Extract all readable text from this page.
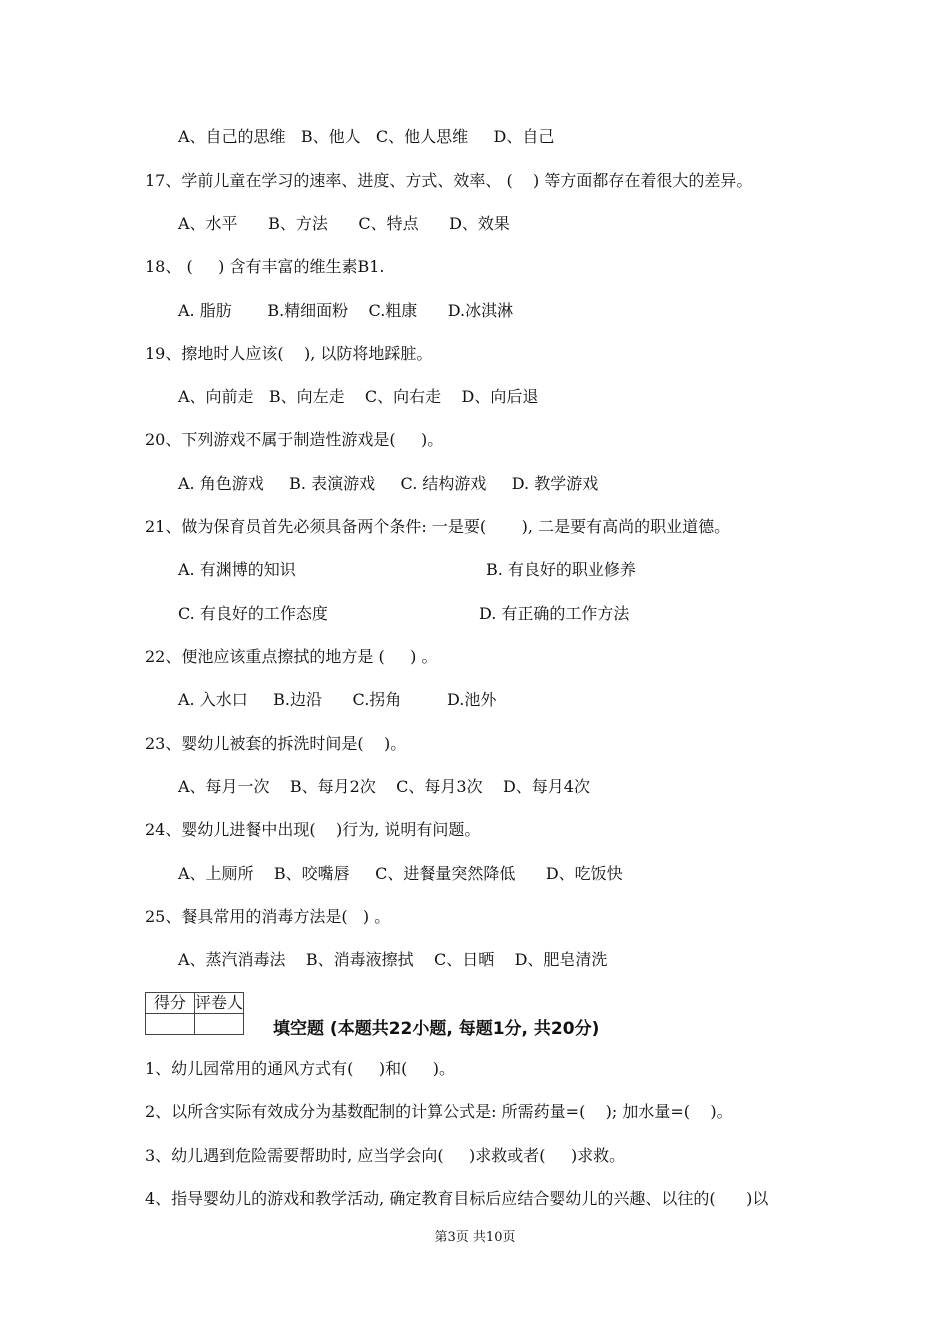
A、自己的思维   B、他人   C、他人思维     D、自己
17、学前儿童在学习的速率、进度、方式、效率、 (    ) 等方面都存在着很大的差异。
A、水平      B、方法      C、特点      D、效果
18、 (     ) 含有丰富的维生素B1.
A. 脂肪       B.精细面粉    C.粗康      D.冰淇淋
19、擦地时人应该(    ), 以防将地踩脏。
A、向前走   B、向左走    C、向右走    D、向后退
20、下列游戏不属于制造性游戏是(     )。
A. 角色游戏     B. 表演游戏     C. 结构游戏     D. 教学游戏
21、做为保育员首先必须具备两个条件: 一是要(       ), 二是要有高尚的职业道德。
A. 有渊博的知识	B. 有良好的职业修养
C. 有良好的工作态度	D. 有正确的工作方法
22、便池应该重点擦拭的地方是 (     ) 。
A. 入水口     B.边沿      C.拐角         D.池外
23、婴幼儿被套的拆洗时间是(    )。
A、每月一次    B、每月2次    C、每月3次    D、每月4次
24、婴幼儿进餐中出现(    )行为, 说明有问题。
A、上厕所    B、咬嘴唇     C、进餐量突然降低      D、吃饭快
25、餐具常用的消毒方法是(   ) 。
A、蒸汽消毒法    B、消毒液擦拭    C、日晒    D、肥皂清洗
得分	评卷人

填空题 (本题共22小题, 每题1分, 共20分)
1、幼儿园常用的通风方式有(     )和(     )。
2、以所含实际有效成分为基数配制的计算公式是: 所需药量=(    ); 加水量=(    )。
3、幼儿遇到危险需要帮助时, 应当学会向(     )求救或者(     )求救。
4、指导婴幼儿的游戏和教学活动, 确定教育目标后应结合婴幼儿的兴趣、以往的(      )以
第3页 共10页
